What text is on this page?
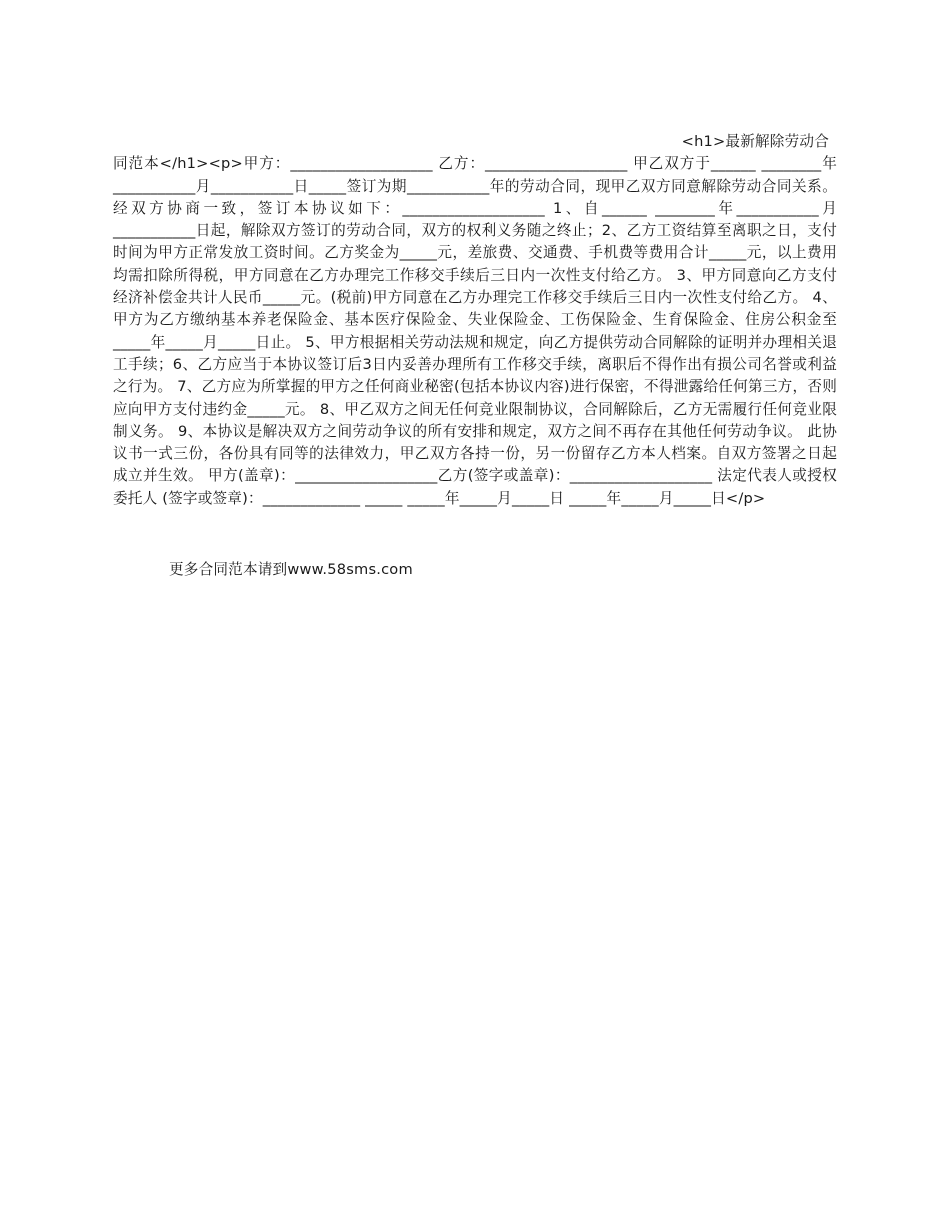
<h1>最新解除劳动合
同范本</h1><p>甲方：___________________ 乙方：___________________ 甲乙双方于______ ________年___________月___________日_____签订为期___________年的劳动合同，现甲乙双方同意解除劳动合同关系。经双方协商一致，签订本协议如下：___________________ 1、自______ ________年___________月___________日起，解除双方签订的劳动合同，双方的权利义务随之终止；2、乙方工资结算至离职之日，支付时间为甲方正常发放工资时间。乙方奖金为_____元，差旅费、交通费、手机费等费用合计_____元，以上费用均需扣除所得税，甲方同意在乙方办理完工作移交手续后三日内一次性支付给乙方。 3、甲方同意向乙方支付经济补偿金共计人民币_____元。(税前)甲方同意在乙方办理完工作移交手续后三日内一次性支付给乙方。 4、甲方为乙方缴纳基本养老保险金、基本医疗保险金、失业保险金、工伤保险金、生育保险金、住房公积金至_____年_____月_____日止。 5、甲方根据相关劳动法规和规定，向乙方提供劳动合同解除的证明并办理相关退工手续；6、乙方应当于本协议签订后3日内妥善办理所有工作移交手续，离职后不得作出有损公司名誉或利益之行为。 7、乙方应为所掌握的甲方之任何商业秘密(包括本协议内容)进行保密，不得泄露给任何第三方，否则应向甲方支付违约金_____元。 8、甲乙双方之间无任何竞业限制协议，合同解除后，乙方无需履行任何竞业限制义务。 9、本协议是解决双方之间劳动争议的所有安排和规定，双方之间不再存在其他任何劳动争议。 此协议书一式三份，各份具有同等的法律效力，甲乙双方各持一份，另一份留存乙方本人档案。自双方签署之日起成立并生效。 甲方(盖章)：___________________乙方(签字或盖章)：___________________ 法定代表人或授权委托人 (签字或签章)：_____________ _____ _____年_____月_____日 _____年_____月_____日</p>
更多合同范本请到www.58sms.com
